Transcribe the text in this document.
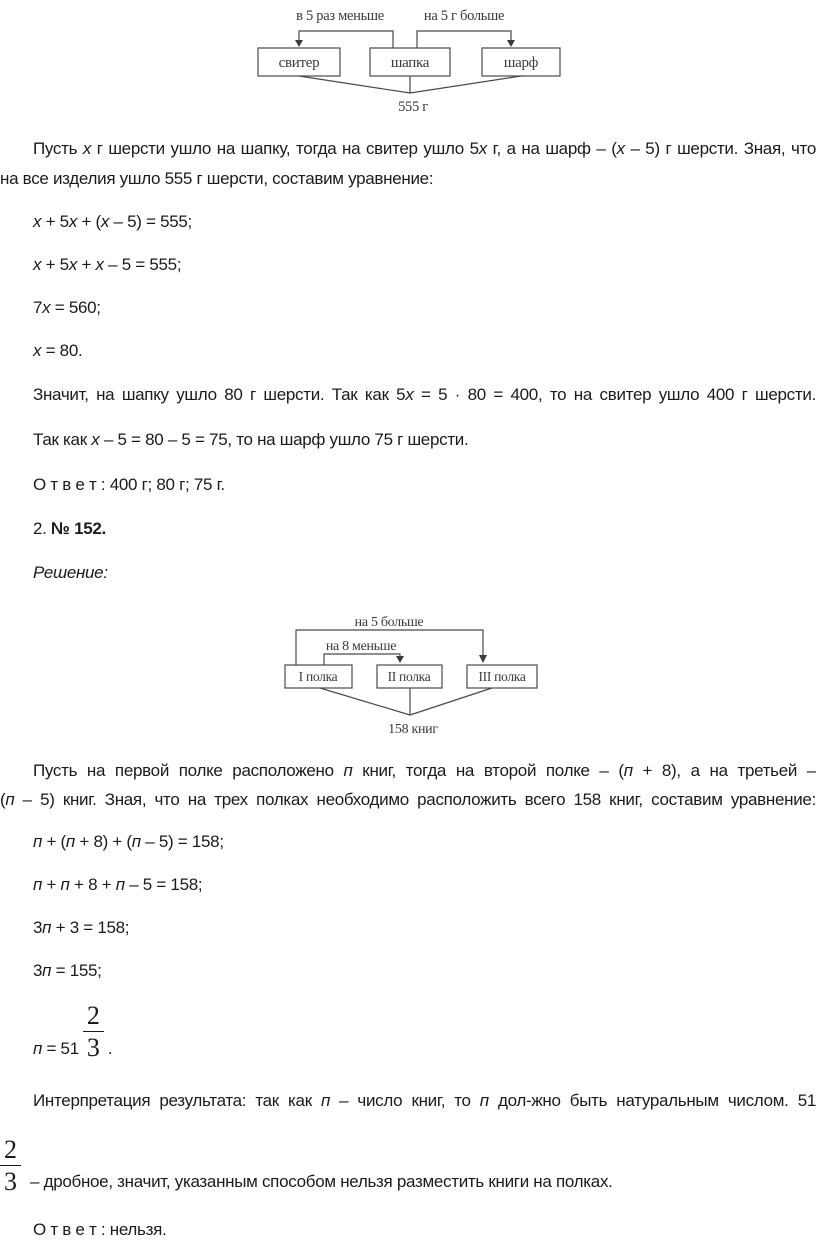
в 5 раз меньше	на 5 г больше
свитер	шапка	шарф
555 г
Пусть x г шерсти ушло на шапку, тогда на свитер ушло 5x г, а на шарф – (x – 5) г шерсти. Зная, что
на все изделия ушло 555 г шерсти, составим уравнение:
x + 5x + (x – 5) = 555;
x + 5x + x – 5 = 555;
7x = 560;
x = 80.
Значит, на шапку ушло 80 г шерсти. Так как 5x = 5 · 80 = 400, то на свитер ушло 400 г шерсти.
Так как x – 5 = 80 – 5 = 75, то на шарф ушло 75 г шерсти.
О т в е т : 400 г; 80 г; 75 г.
2. № 152.
Решение:
на 5 больше
на 8 меньше
I полка	II полка	III полка
158 книг
Пусть на первой полке расположено п книг, тогда на второй полке – (п + 8), а на третьей –
(п – 5) книг. Зная, что на трех полках необходимо расположить всего 158 книг, составим уравнение:
п + (п + 8) + (п – 5) = 158;
п + п + 8 + п – 5 = 158;
3п + 3 = 158;
3п = 155;
$п = 51 \frac{2}{3}$ .
Интерпретация результата: так как п – число книг, то п дол-жно быть натуральным числом. 51
$\frac{2}{3}$ – дробное, значит, указанным способом нельзя разместить книги на полках.
О т в е т : нельзя.
